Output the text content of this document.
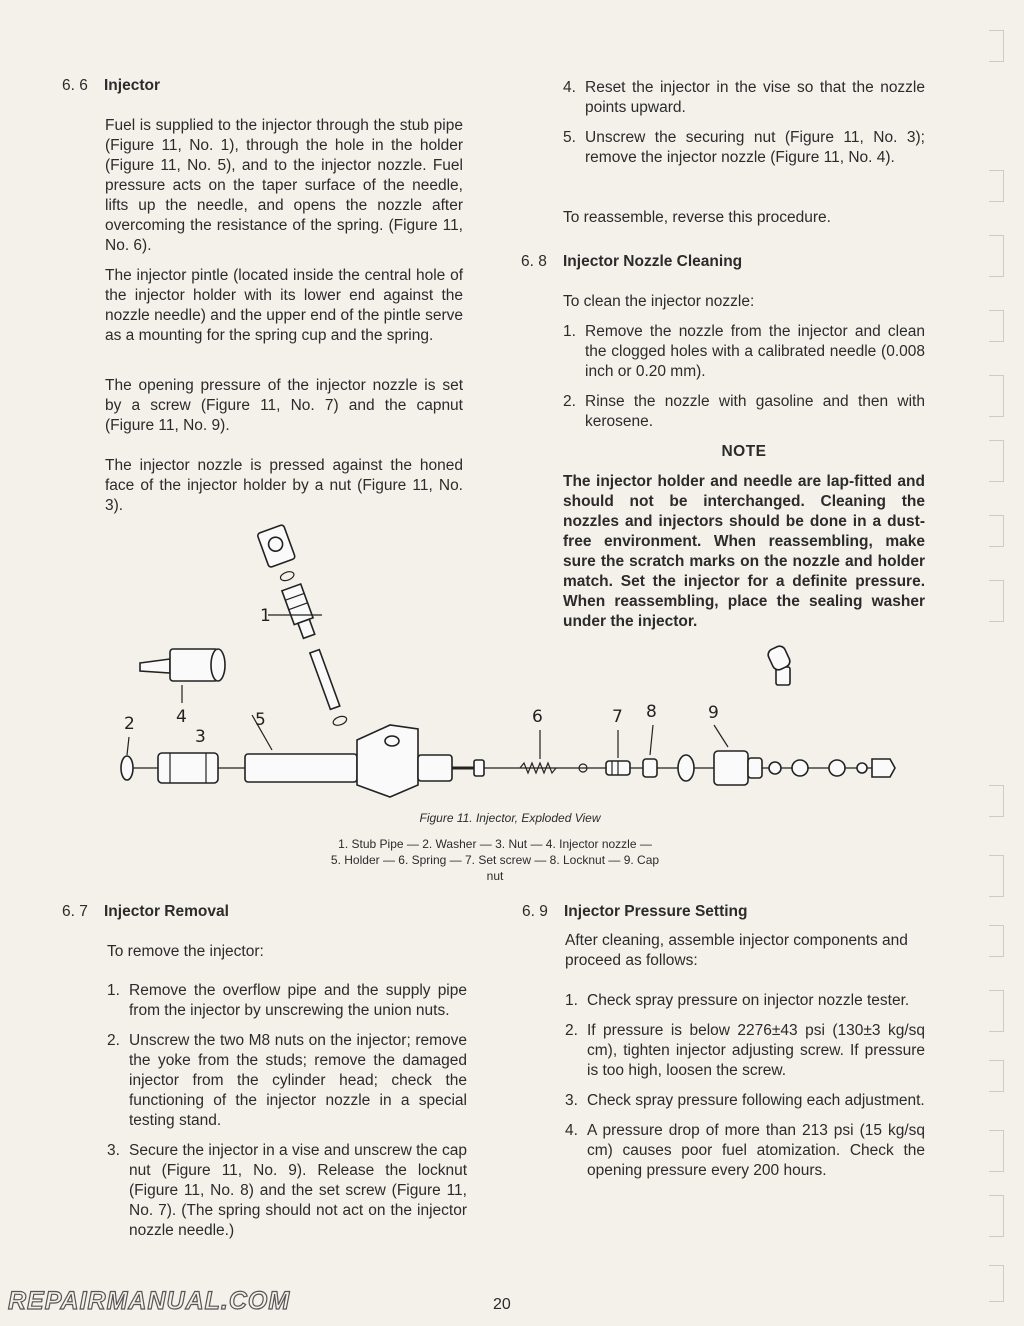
6. 6 Injector

Fuel is supplied to the injector through the stub pipe (Figure 11, No. 1), through the hole in the holder (Figure 11, No. 5), and to the injector nozzle. Fuel pressure acts on the taper surface of the needle, lifts up the needle, and opens the nozzle after overcoming the resistance of the spring. (Figure 11, No. 6).

The injector pintle (located inside the central hole of the injector holder with its lower end against the nozzle needle) and the upper end of the pintle serve as a mounting for the spring cup and the spring.

The opening pressure of the injector nozzle is set by a screw (Figure 11, No. 7) and the capnut (Figure 11, No. 9).

The injector nozzle is pressed against the honed face of the injector holder by a nut (Figure 11, No. 3).

4. Reset the injector in the vise so that the nozzle points upward.
5. Unscrew the securing nut (Figure 11, No. 3); remove the injector nozzle (Figure 11, No. 4).

To reassemble, reverse this procedure.

6. 8 Injector Nozzle Cleaning

To clean the injector nozzle:

1. Remove the nozzle from the injector and clean the clogged holes with a calibrated needle (0.008 inch or 0.20 mm).
2. Rinse the nozzle with gasoline and then with kerosene.
NOTE

The injector holder and needle are lap-fitted and should not be interchanged. Cleaning the nozzles and injectors should be done in a dust-free environment. When reassembling, make sure the scratch marks on the nozzle and holder match. Set the injector for a definite pressure. When reassembling, place the sealing washer under the injector.

1
4
2
3
5	6	7 8	9
Figure 11. Injector, Exploded View
1. Stub Pipe — 2. Washer — 3. Nut — 4. Injector nozzle —
5. Holder — 6. Spring — 7. Set screw — 8. Locknut — 9. Cap
nut
6. 7 Injector Removal

To remove the injector:

1. Remove the overflow pipe and the supply pipe from the injector by unscrewing the union nuts.
2. Unscrew the two M8 nuts on the injector; remove the yoke from the studs; remove the damaged injector from the cylinder head; check the functioning of the injector nozzle in a special testing stand.
3. Secure the injector in a vise and unscrew the cap nut (Figure 11, No. 9). Release the locknut (Figure 11, No. 8) and the set screw (Figure 11, No. 7). (The spring should not act on the injector nozzle needle.)
6. 9 Injector Pressure Setting

After cleaning, assemble injector components and proceed as follows:

1. Check spray pressure on injector nozzle tester.
2. If pressure is below 2276±43 psi (130±3 kg/sq cm), tighten injector adjusting screw. If pressure is too high, loosen the screw.
3. Check spray pressure following each adjustment.
4. A pressure drop of more than 213 psi (15 kg/sq cm) causes poor fuel atomization. Check the opening pressure every 200 hours.
REPAIRMANUAL.COM	20
